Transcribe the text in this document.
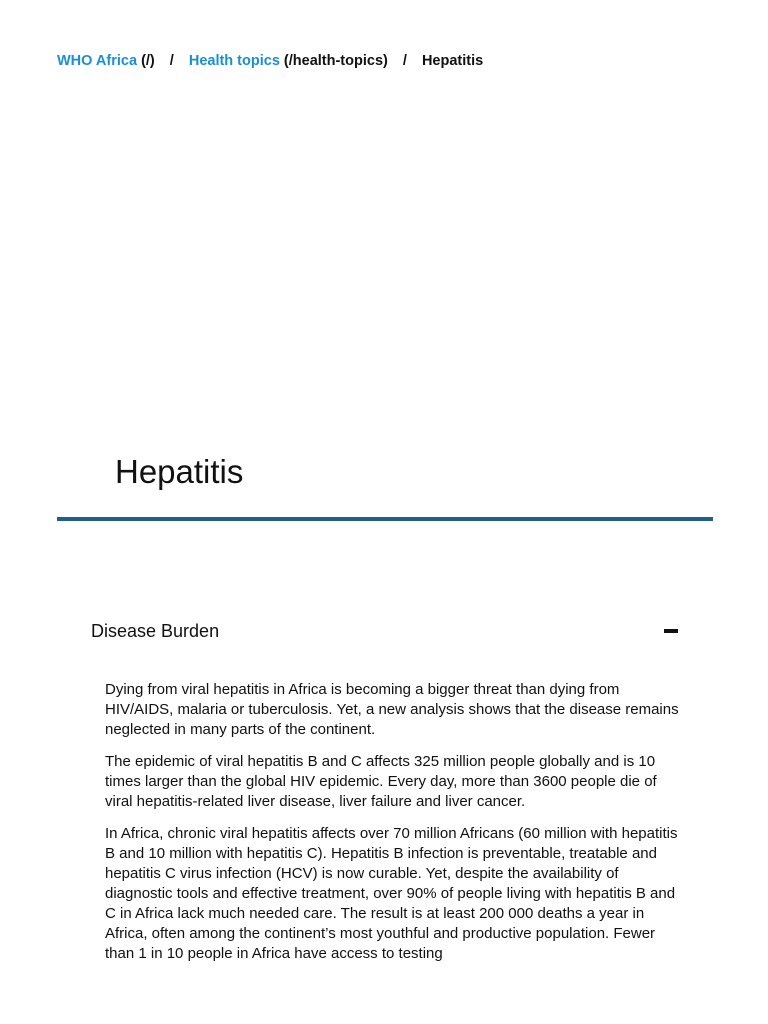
WHO Africa (/) / Health topics (/health-topics) / Hepatitis
Hepatitis
Disease Burden

Dying from viral hepatitis in Africa is becoming a bigger threat than dying from HIV/AIDS, malaria or tuberculosis. Yet, a new analysis shows that the disease remains neglected in many parts of the continent.

The epidemic of viral hepatitis B and C affects 325 million people globally and is 10 times larger than the global HIV epidemic. Every day, more than 3600 people die of viral hepatitis-related liver disease, liver failure and liver cancer.

In Africa, chronic viral hepatitis affects over 70 million Africans (60 million with hepatitis B and 10 million with hepatitis C). Hepatitis B infection is preventable, treatable and hepatitis C virus infection (HCV) is now curable. Yet, despite the availability of diagnostic tools and effective treatment, over 90% of people living with hepatitis B and C in Africa lack much needed care. The result is at least 200 000 deaths a year in Africa, often among the continent’s most youthful and productive population. Fewer than 1 in 10 people in Africa have access to testing
